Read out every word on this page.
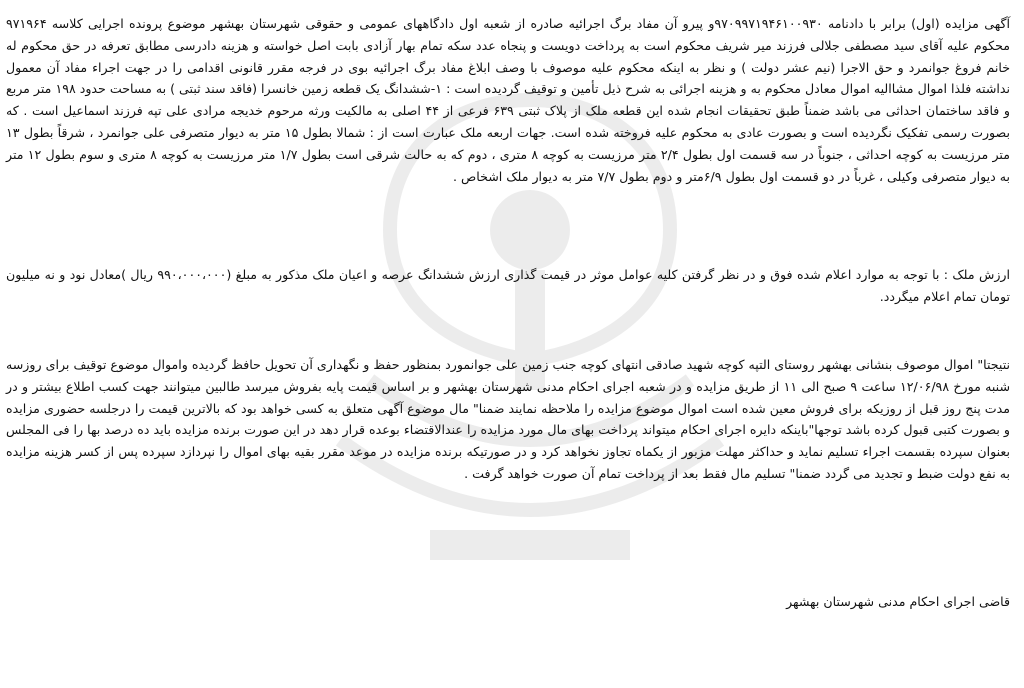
آگهی مزایده (اول) برابر با دادنامه ۹۷۰۹۹۷۱۹۴۶۱۰۰۹۳۰و پیرو آن مفاد برگ اجرائیه صادره از شعبه اول دادگاههای عمومی و حقوقی شهرستان بهشهر موضوع پرونده اجرایی کلاسه ۹۷۱۹۶۴ محکوم علیه آقای سید مصطفی جلالی فرزند میر شریف محکوم است به پرداخت دویست و پنجاه عدد سکه تمام بهار آزادی بابت اصل خواسته و هزینه دادرسی مطابق تعرفه در حق محکوم له خانم فروغ جوانمرد و حق الاجرا (نیم عشر دولت ) و نظر به اینکه محکوم علیه موصوف با وصف ابلاغ مفاد برگ اجرائیه بوی در فرجه مقرر قانونی اقدامی را در جهت اجراء مفاد آن معمول نداشته فلذا اموال مشاالیه اموال معادل محکوم به و هزینه اجرائی به شرح ذیل تأمین و توقیف گردیده است : ۱-ششدانگ یک قطعه زمین خانسرا (فاقد سند ثبتی ) به مساحت حدود ۱۹۸ متر مربع و فاقد ساختمان احداثی می باشد ضمناً طبق تحقیقات انجام شده این قطعه ملک از پلاک ثبتی ۶۳۹ فرعی از ۴۴ اصلی به مالکیت ورثه مرحوم خدیجه مرادی علی تپه فرزند اسماعیل است . که بصورت رسمی تفکیک نگردیده است و بصورت عادی به محکوم علیه فروخته شده است. جهات اربعه ملک عبارت است از : شمالا بطول ۱۵ متر به دیوار متصرفی علی جوانمرد ، شرقاً بطول ۱۳ متر مرزیست به کوچه احداثی ، جنوباً در سه قسمت اول بطول ۲/۴ متر مرزیست به کوچه ۸ متری ، دوم که به حالت شرقی است بطول ۱/۷ متر مرزیست به کوچه ۸ متری و سوم بطول ۱۲ متر به دیوار متصرفی وکیلی ، غرباً در دو قسمت اول بطول ۶/۹متر و دوم بطول ۷/۷ متر به دیوار ملک اشخاص .

ارزش ملک : با توجه به موارد اعلام شده فوق و در نظر گرفتن کلیه عوامل موثر در قیمت گذاری ارزش ششدانگ عرصه و اعیان ملک مذکور به مبلغ (۹۹۰،۰۰۰،۰۰۰ ریال )معادل نود و نه میلیون تومان تمام اعلام میگردد.

نتیجتا" اموال موصوف بنشانی بهشهر روستای التپه کوچه شهید صادقی انتهای کوچه جنب زمین علی جوانمورد بمنظور حفظ و نگهداری آن تحویل حافظ گردیده واموال موضوع توقیف برای روزسه شنبه مورخ ۱۲/۰۶/۹۸ ساعت ۹ صبح الی ۱۱ از طریق مزایده و در شعبه اجرای احکام مدنی شهرستان بهشهر و بر اساس قیمت پایه بفروش میرسد طالبین میتوانند جهت کسب اطلاع بیشتر و در مدت پنج روز قبل از روزیکه برای فروش معین شده است اموال موضوع مزایده را ملاحظه نمایند ضمنا" مال موضوع آگهی متعلق به کسی خواهد بود که بالاترین قیمت را درجلسه حضوری مزایده و بصورت کتبی قبول کرده باشد توجها"باینکه دایره اجرای احکام میتواند پرداخت بهای مال مورد مزایده را عندالاقتضاء بوعده قرار دهد در این صورت برنده مزایده باید ده درصد بها را فی المجلس بعنوان سپرده بقسمت اجراء تسلیم نماید و حداکثر مهلت مزبور از یکماه تجاوز نخواهد کرد و در صورتیکه برنده مزایده در موعد مقرر بقیه بهای اموال را نپردازد سپرده پس از کسر هزینه مزایده به نفع دولت ضبط و تجدید می گردد ضمنا" تسلیم مال فقط بعد از پرداخت تمام آن صورت خواهد گرفت .

قاضی اجرای احکام مدنی شهرستان بهشهر
